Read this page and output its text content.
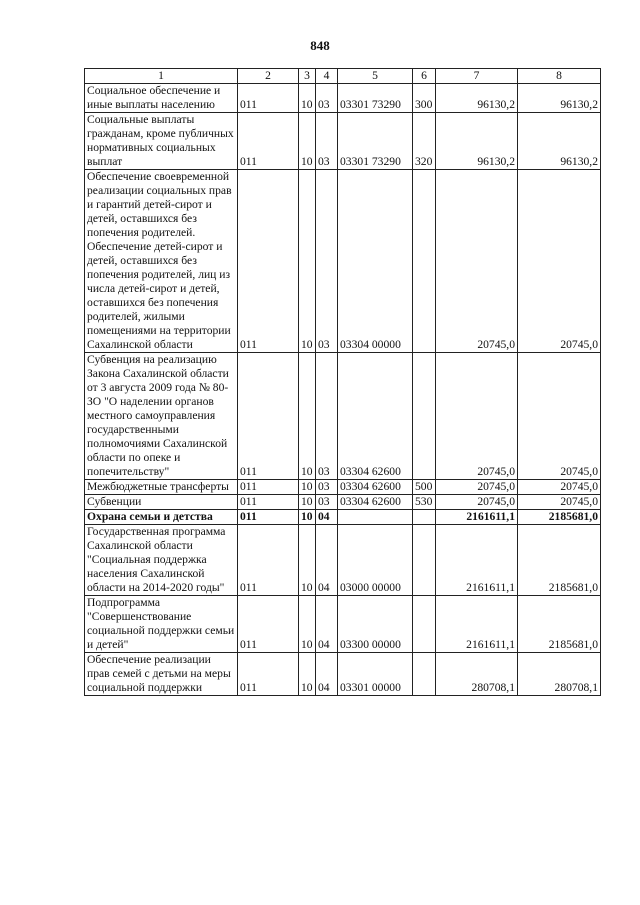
848
1	2	3	4	5	6	7	8
Социальное обеспечение и иные выплаты населению	011	10	03	03301 73290	300	96130,2	96130,2
Социальные выплаты гражданам, кроме публичных нормативных социальных выплат	011	10	03	03301 73290	320	96130,2	96130,2
Обеспечение своевременной реализации социальных прав и гарантий детей-сирот и детей, оставшихся без попечения родителей. Обеспечение детей-сирот и детей, оставшихся без попечения родителей, лиц из числа детей-сирот и детей, оставшихся без попечения родителей, жилыми помещениями на территории Сахалинской области	011	10	03	03304 00000		20745,0	20745,0
Субвенция на реализацию Закона Сахалинской области от 3 августа 2009 года № 80-ЗО "О наделении органов местного самоуправления государственными полномочиями Сахалинской области по опеке и попечительству"	011	10	03	03304 62600		20745,0	20745,0
Межбюджетные трансферты	011	10	03	03304 62600	500	20745,0	20745,0
Субвенции	011	10	03	03304 62600	530	20745,0	20745,0
Охрана семьи и детства	011	10	04			2161611,1	2185681,0
Государственная программа Сахалинской области "Социальная поддержка населения Сахалинской области на 2014-2020 годы"	011	10	04	03000 00000		2161611,1	2185681,0
Подпрограмма "Совершенствование социальной поддержки семьи и детей"	011	10	04	03300 00000		2161611,1	2185681,0
Обеспечение реализации прав семей с детьми на меры социальной поддержки	011	10	04	03301 00000		280708,1	280708,1
